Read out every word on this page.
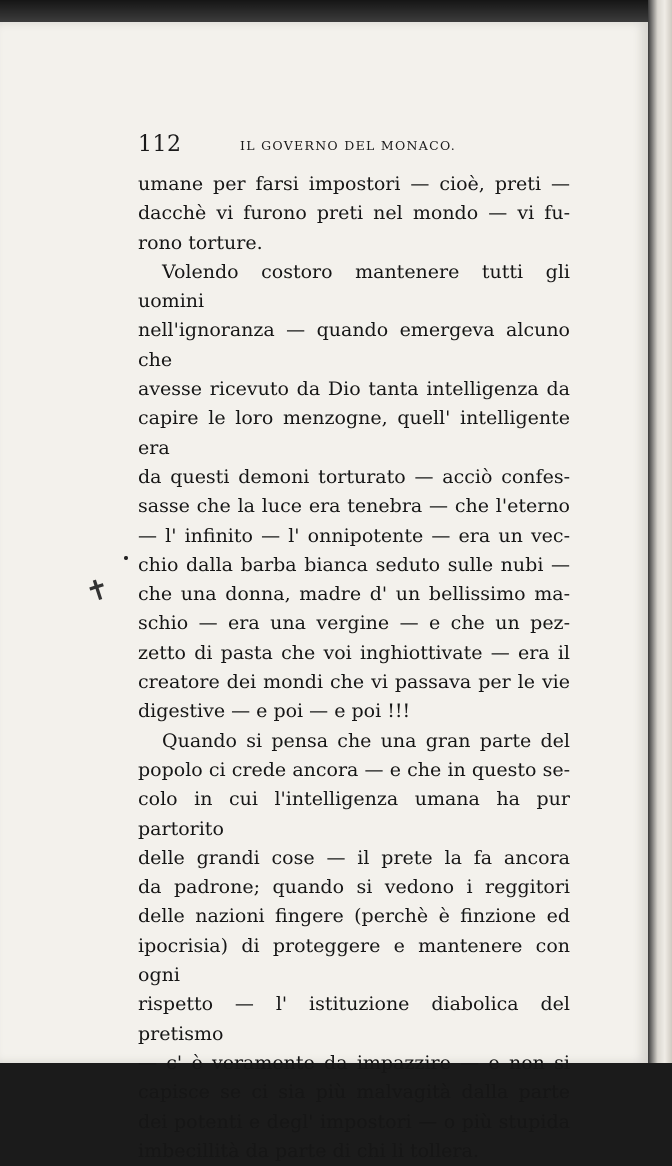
112	IL GOVERNO DEL MONACO.
✝

umane per farsi impostori — cioè, preti —

dacchè vi furono preti nel mondo — vi fu-

rono torture.

Volendo costoro mantenere tutti gli uomini

nell'ignoranza — quando emergeva alcuno che

avesse ricevuto da Dio tanta intelligenza da

capire le loro menzogne, quell' intelligente era

da questi demoni torturato — acciò confes-

sasse che la luce era tenebra — che l'eterno

— l' infinito — l' onnipotente — era un vec-

chio dalla barba bianca seduto sulle nubi —

che una donna, madre d' un bellissimo ma-

schio — era una vergine — e che un pez-

zetto di pasta che voi inghiottivate — era il

creatore dei mondi che vi passava per le vie

digestive — e poi — e poi !!!

Quando si pensa che una gran parte del

popolo ci crede ancora — e che in questo se-

colo in cui l'intelligenza umana ha pur partorito

delle grandi cose — il prete la fa ancora

da padrone; quando si vedono i reggitori

delle nazioni fingere (perchè è finzione ed

ipocrisia) di proteggere e mantenere con ogni

rispetto — l' istituzione diabolica del pretismo

— c' è veramente da impazzire — e non si

capisce se ci sia più malvagità dalla parte

dei potenti e degl' impostori — o più stupida

imbecillità da parte di chi li tollera.
